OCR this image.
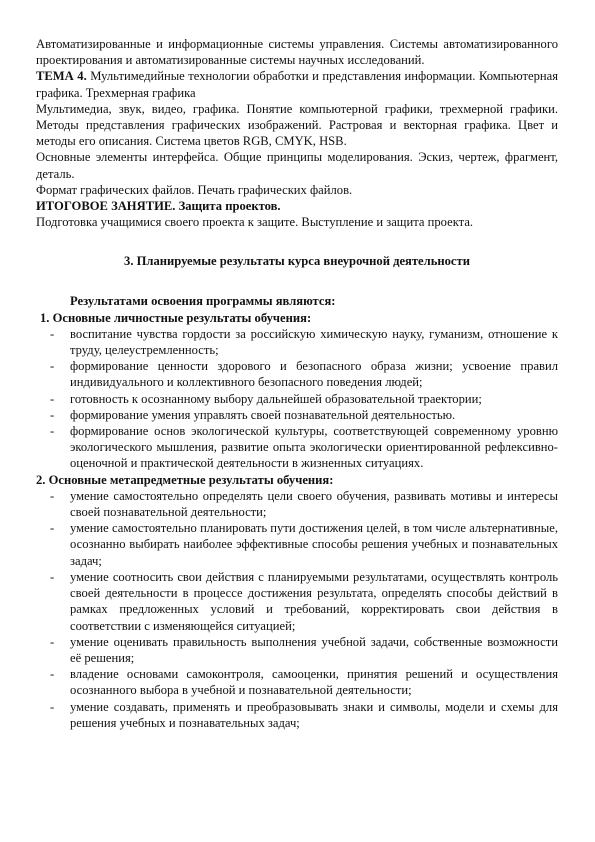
Автоматизированные и информационные системы управления. Системы автоматизированного проектирования и автоматизированные системы научных исследований.

ТЕМА 4. Мультимедийные технологии обработки и представления информации. Компьютерная графика. Трехмерная графика

Мультимедиа, звук, видео, графика. Понятие компьютерной графики, трехмерной графики. Методы представления графических изображений. Растровая и векторная графика. Цвет и методы его описания. Система цветов RGB, CMYK, HSB.

Основные элементы интерфейса. Общие принципы моделирования. Эскиз, чертеж, фрагмент, деталь.

Формат графических файлов. Печать графических файлов.

ИТОГОВОЕ ЗАНЯТИЕ. Защита проектов.

Подготовка учащимися своего проекта к защите. Выступление и защита проекта.

3. Планируемые результаты курса внеурочной деятельности
Результатами освоения программы являются:
1. Основные личностные результаты обучения:
- воспитание чувства гордости за российскую химическую науку, гуманизм, отношение к труду, целеустремленность;
- формирование ценности здорового и безопасного образа жизни; усвоение правил индивидуального и коллективного безопасного поведения людей;
- готовность к осознанному выбору дальнейшей образовательной траектории;
- формирование умения управлять своей познавательной деятельностью.
- формирование основ экологической культуры, соответствующей современному уровню экологического мышления, развитие опыта экологически ориентированной рефлексивно-оценочной и практической деятельности в жизненных ситуациях.
2. Основные метапредметные результаты обучения:
- умение самостоятельно определять цели своего обучения, развивать мотивы и интересы своей познавательной деятельности;
- умение самостоятельно планировать пути достижения целей, в том числе альтернативные, осознанно выбирать наиболее эффективные способы решения учебных и познавательных задач;
- умение соотносить свои действия с планируемыми результатами, осуществлять контроль своей деятельности в процессе достижения результата, определять способы действий в рамках предложенных условий и требований, корректировать свои действия в соответствии с изменяющейся ситуацией;
- умение оценивать правильность выполнения учебной задачи, собственные возможности её решения;
- владение основами самоконтроля, самооценки, принятия решений и осуществления осознанного выбора в учебной и познавательной деятельности;
- умение создавать, применять и преобразовывать знаки и символы, модели и схемы для решения учебных и познавательных задач;
